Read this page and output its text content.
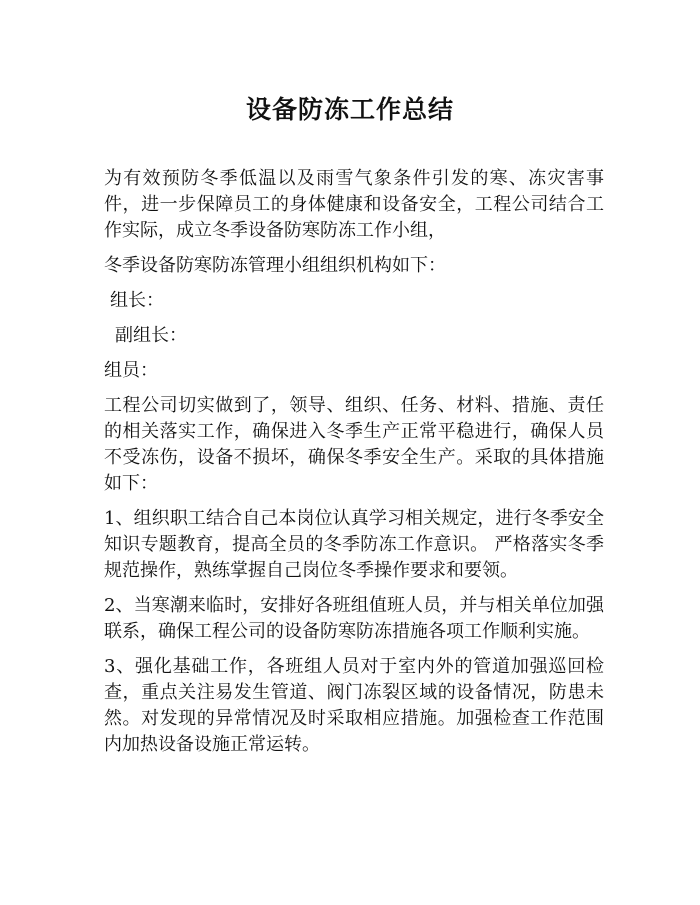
设备防冻工作总结

为有效预防冬季低温以及雨雪气象条件引发的寒、冻灾害事件，进一步保障员工的身体健康和设备安全，工程公司结合工作实际，成立冬季设备防寒防冻工作小组，

冬季设备防寒防冻管理小组组织机构如下：

组长：

副组长：

组员：

工程公司切实做到了，领导、组织、任务、材料、措施、责任的相关落实工作，确保进入冬季生产正常平稳进行，确保人员不受冻伤，设备不损坏，确保冬季安全生产。采取的具体措施如下：

1、组织职工结合自己本岗位认真学习相关规定，进行冬季安全知识专题教育，提高全员的冬季防冻工作意识。 严格落实冬季规范操作，熟练掌握自己岗位冬季操作要求和要领。

2、当寒潮来临时，安排好各班组值班人员，并与相关单位加强联系，确保工程公司的设备防寒防冻措施各项工作顺利实施。

3、强化基础工作，各班组人员对于室内外的管道加强巡回检查，重点关注易发生管道、阀门冻裂区域的设备情况，防患未然。对发现的异常情况及时采取相应措施。加强检查工作范围内加热设备设施正常运转。
